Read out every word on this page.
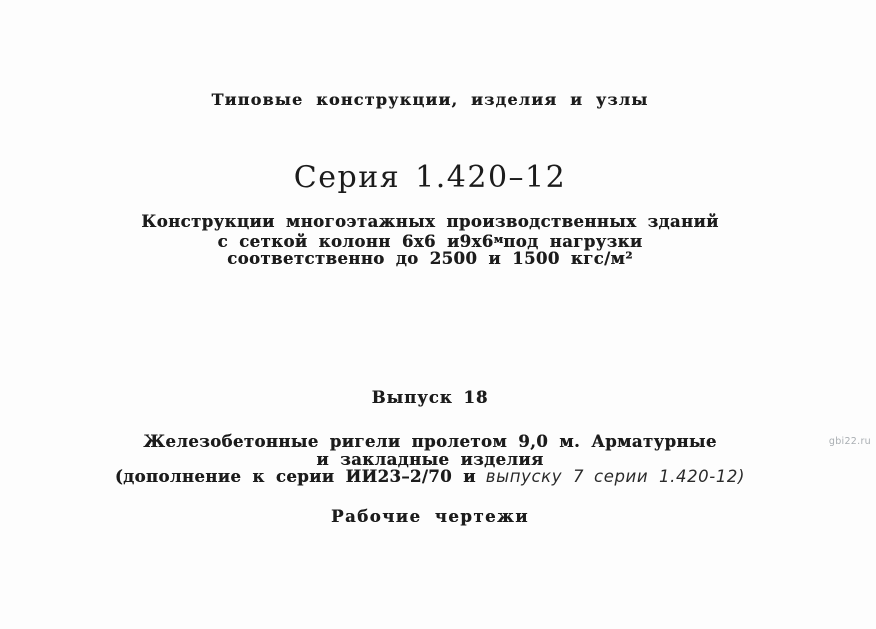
Типовые конструкции, изделия и узлы
Серия 1.420–12
Конструкции многоэтажных производственных зданий
с сеткой колонн 6х6 $и9х6^мпод$ нагрузки
соответственно до 2500 и 1500 кгс/м²
Выпуск 18
Железобетонные ригели пролетом 9,0 м. Арматурные
и закладные изделия
(дополнение к серии ИИ23–2/70 и выпуску 7 серии 1.420-12)
Рабочие чертежи
gbi22.ru
